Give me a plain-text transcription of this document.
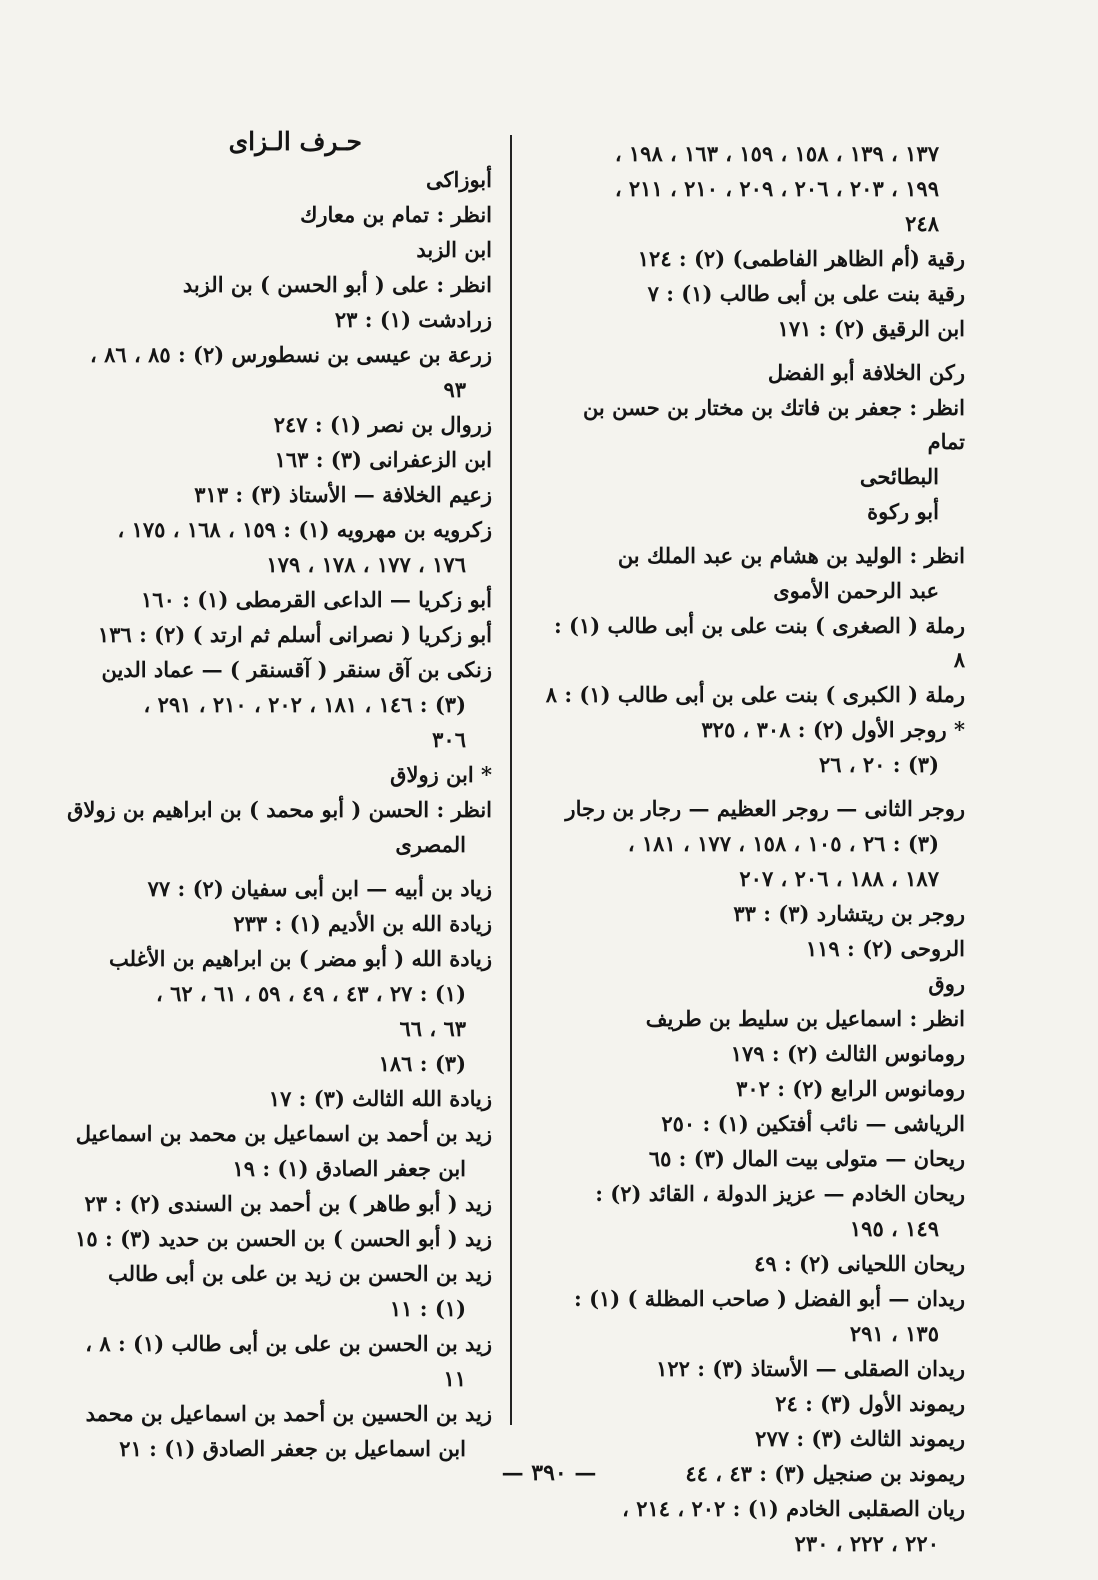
١٣٧ ، ١٣٩ ، ١٥٨ ، ١٥٩ ، ١٦٣ ، ١٩٨ ،
١٩٩ ، ٢٠٣ ، ٢٠٦ ، ٢٠٩ ، ٢١٠ ، ٢١١ ،
٢٤٨
رقية (أم الظاهر الفاطمى) (٢) : ١٢٤
رقية بنت على بن أبى طالب (١) : ٧
ابن الرقيق (٢) : ١٧١
ركن الخلافة أبو الفضل
انظر : جعفر بن فاتك بن مختار بن حسن بن تمام
البطائحى
أبو ركوة
انظر : الوليد بن هشام بن عبد الملك بن
عبد الرحمن الأموى
رملة ( الصغرى ) بنت على بن أبى طالب (١) : ٨
رملة ( الكبرى ) بنت على بن أبى طالب (١) : ٨
* روجر الأول (٢) : ٣٠٨ ، ٣٢٥
(٣) : ٢٠ ، ٢٦
روجر الثانى — روجر العظيم — رجار بن رجار
(٣) : ٢٦ ، ١٠٥ ، ١٥٨ ، ١٧٧ ، ١٨١ ،
١٨٧ ، ١٨٨ ، ٢٠٦ ، ٢٠٧
روجر بن ريتشارد (٣) : ٣٣
الروحى (٢) : ١١٩
روق
انظر : اسماعيل بن سليط بن طريف
رومانوس الثالث (٢) : ١٧٩
رومانوس الرابع (٢) : ٣٠٢
الرياشى — نائب أفتكين (١) : ٢٥٠
ريحان — متولى بيت المال (٣) : ٦٥
ريحان الخادم — عزيز الدولة ، القائد (٢) :
١٤٩ ، ١٩٥
ريحان اللحيانى (٢) : ٤٩
ريدان — أبو الفضل ( صاحب المظلة ) (١) :
١٣٥ ، ٢٩١
ريدان الصقلى — الأستاذ (٣) : ١٢٢
ريموند الأول (٣) : ٢٤
ريموند الثالث (٣) : ٢٧٧
ريموند بن صنجيل (٣) : ٤٣ ، ٤٤
ريان الصقلبى الخادم (١) : ٢٠٢ ، ٢١٤ ،
٢٢٠ ، ٢٢٢ ، ٢٣٠
حـرف الـزاى
أبوزاكى
انظر : تمام بن معارك
ابن الزبد
انظر : على ( أبو الحسن ) بن الزبد
زرادشت (١) : ٢٣
زرعة بن عيسى بن نسطورس (٢) : ٨٥ ، ٨٦ ،
٩٣
زروال بن نصر (١) : ٢٤٧
ابن الزعفرانى (٣) : ١٦٣
زعيم الخلافة — الأستاذ (٣) : ٣١٣
زكرويه بن مهرويه (١) : ١٥٩ ، ١٦٨ ، ١٧٥ ،
١٧٦ ، ١٧٧ ، ١٧٨ ، ١٧٩
أبو زكريا — الداعى القرمطى (١) : ١٦٠
أبو زكريا ( نصرانى أسلم ثم ارتد ) (٢) : ١٣٦
زنكى بن آق سنقر ( آقسنقر ) — عماد الدين
(٣) : ١٤٦ ، ١٨١ ، ٢٠٢ ، ٢١٠ ، ٢٩١ ،
٣٠٦
* ابن زولاق
انظر : الحسن ( أبو محمد ) بن ابراهيم بن زولاق
المصرى
زياد بن أبيه — ابن أبى سفيان (٢) : ٧٧
زيادة الله بن الأديم (١) : ٢٣٣
زيادة الله ( أبو مضر ) بن ابراهيم بن الأغلب
(١) : ٢٧ ، ٤٣ ، ٤٩ ، ٥٩ ، ٦١ ، ٦٢ ،
٦٣ ، ٦٦
(٣) : ١٨٦
زيادة الله الثالث (٣) : ١٧
زيد بن أحمد بن اسماعيل بن محمد بن اسماعيل
ابن جعفر الصادق (١) : ١٩
زيد ( أبو طاهر ) بن أحمد بن السندى (٢) : ٢٣
زيد ( أبو الحسن ) بن الحسن بن حديد (٣) : ١٥
زيد بن الحسن بن زيد بن على بن أبى طالب
(١) : ١١
زيد بن الحسن بن على بن أبى طالب (١) : ٨ ،
١١
زيد بن الحسين بن أحمد بن اسماعيل بن محمد
ابن اسماعيل بن جعفر الصادق (١) : ٢١
— ٣٩٠ —
